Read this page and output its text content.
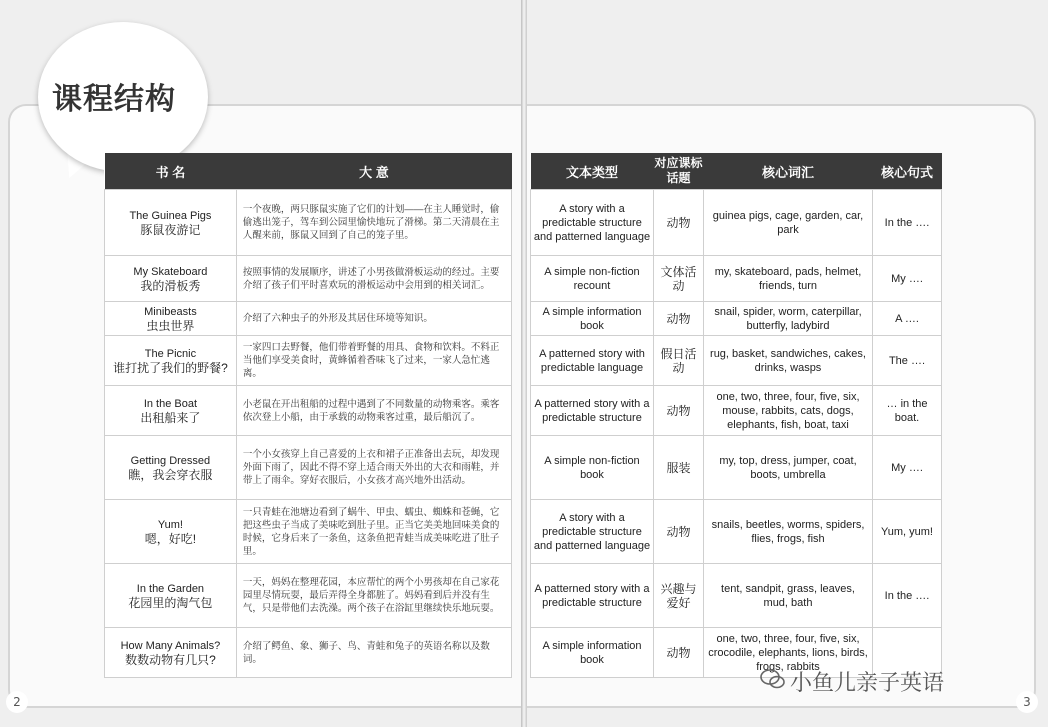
课程结构
书 名	大 意

The Guinea Pigs
豚鼠夜游记	一个夜晚，两只豚鼠实施了它们的计划——在主人睡觉时，偷偷逃出笼子，驾车到公园里愉快地玩了滑梯。第二天清晨在主人醒来前，豚鼠又回到了自己的笼子里。

My Skateboard
我的滑板秀	按照事情的发展顺序，讲述了小男孩做滑板运动的经过。主要介绍了孩子们平时喜欢玩的滑板运动中会用到的相关词汇。

Minibeasts
虫虫世界	介绍了六种虫子的外形及其居住环境等知识。

The Picnic
谁打扰了我们的野餐?	一家四口去野餐，他们带着野餐的用具、食物和饮料。不料正当他们享受美食时，黄蜂循着香味飞了过来，一家人急忙逃离。

In the Boat
出租船来了	小老鼠在开出租船的过程中遇到了不同数量的动物乘客。乘客依次登上小船，由于承载的动物乘客过重，最后船沉了。

Getting Dressed
瞧，我会穿衣服	一个小女孩穿上自己喜爱的上衣和裙子正准备出去玩，却发现外面下雨了，因此不得不穿上适合雨天外出的大衣和雨鞋，并带上了雨伞。穿好衣服后，小女孩才高兴地外出活动。

Yum!
嗯，好吃!	一只青蛙在池塘边看到了蜗牛、甲虫、蠕虫、蜘蛛和苍蝇，它把这些虫子当成了美味吃到肚子里。正当它美美地回味美食的时候，它身后来了一条鱼，这条鱼把青蛙当成美味吃进了肚子里。

In the Garden
花园里的淘气包	一天，妈妈在整理花园，本应帮忙的两个小男孩却在自己家花园里尽情玩耍，最后弄得全身都脏了。妈妈看到后并没有生气，只是带他们去洗澡。两个孩子在浴缸里继续快乐地玩耍。

How Many Animals?
数数动物有几只?	介绍了鳄鱼、象、狮子、鸟、青蛙和兔子的英语名称以及数词。
文本类型	对应课标话题	核心词汇	核心句式
A story with a predictable structure and patterned language	动物	guinea pigs, cage, garden, car, park	In the ….
A simple non-fiction recount	文体活动	my, skateboard, pads, helmet, friends, turn	My ….
A simple information book	动物	snail, spider, worm, caterpillar, butterfly, ladybird	A ….
A patterned story with predictable language	假日活动	rug, basket, sandwiches, cakes, drinks, wasps	The ….
A patterned story with a predictable structure	动物	one, two, three, four, five, six, mouse, rabbits, cats, dogs, elephants, fish, boat, taxi	… in the boat.
A simple non-fiction book	服装	my, top, dress, jumper, coat, boots, umbrella	My ….
A story with a predictable structure and patterned language	动物	snails, beetles, worms, spiders, flies, frogs, fish	Yum, yum!
A patterned story with a predictable structure	兴趣与爱好	tent, sandpit, grass, leaves, mud, bath	In the ….
A simple information book	动物	one, two, three, four, five, six, crocodile, elephants, lions, birds, frogs, rabbits	
2	3
小鱼儿亲子英语
